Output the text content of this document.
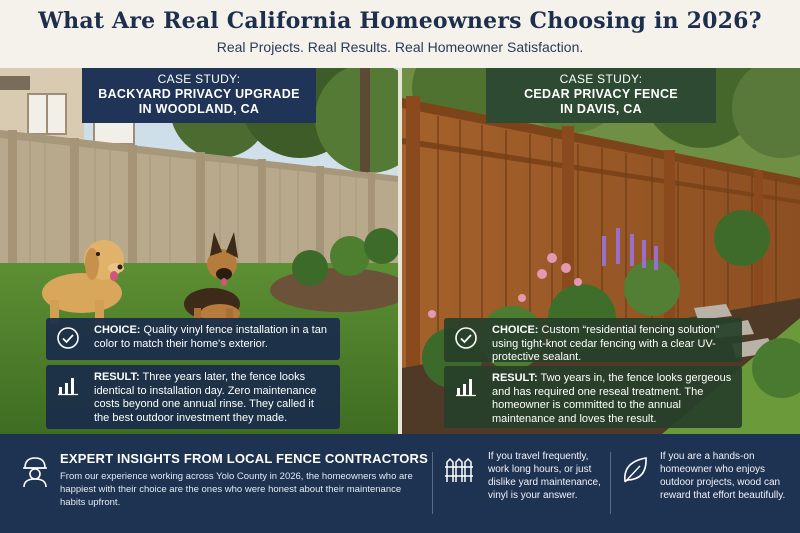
What Are Real California Homeowners Choosing in 2026?
Real Projects. Real Results. Real Homeowner Satisfaction.
CASE STUDY:
BACKYARD PRIVACY UPGRADE
IN WOODLAND, CA
CHOICE: Quality vinyl fence installation in a tan color to match their home's exterior.
RESULT: Three years later, the fence looks identical to installation day. Zero maintenance costs beyond one annual rinse. They called it the best outdoor investment they made.
CASE STUDY:
CEDAR PRIVACY FENCE
IN DAVIS, CA
CHOICE: Custom “residential fencing solution” using tight-knot cedar fencing with a clear UV-protective sealant.
RESULT: Two years in, the fence looks gergeous and has required one reseal treatment. The homeowner is committed to the annual maintenance and loves the result.
EXPERT INSIGHTS FROM LOCAL FENCE CONTRACTORS
From our experience working across Yolo County in 2026, the homeowners who are happiest with their choice are the ones who were honest about their maintenance habits upfront.
If you travel frequently, work long hours, or just dislike yard maintenance, vinyl is your answer.
If you are a hands-on homeowner who enjoys outdoor projects, wood can reward that effort beautifully.
